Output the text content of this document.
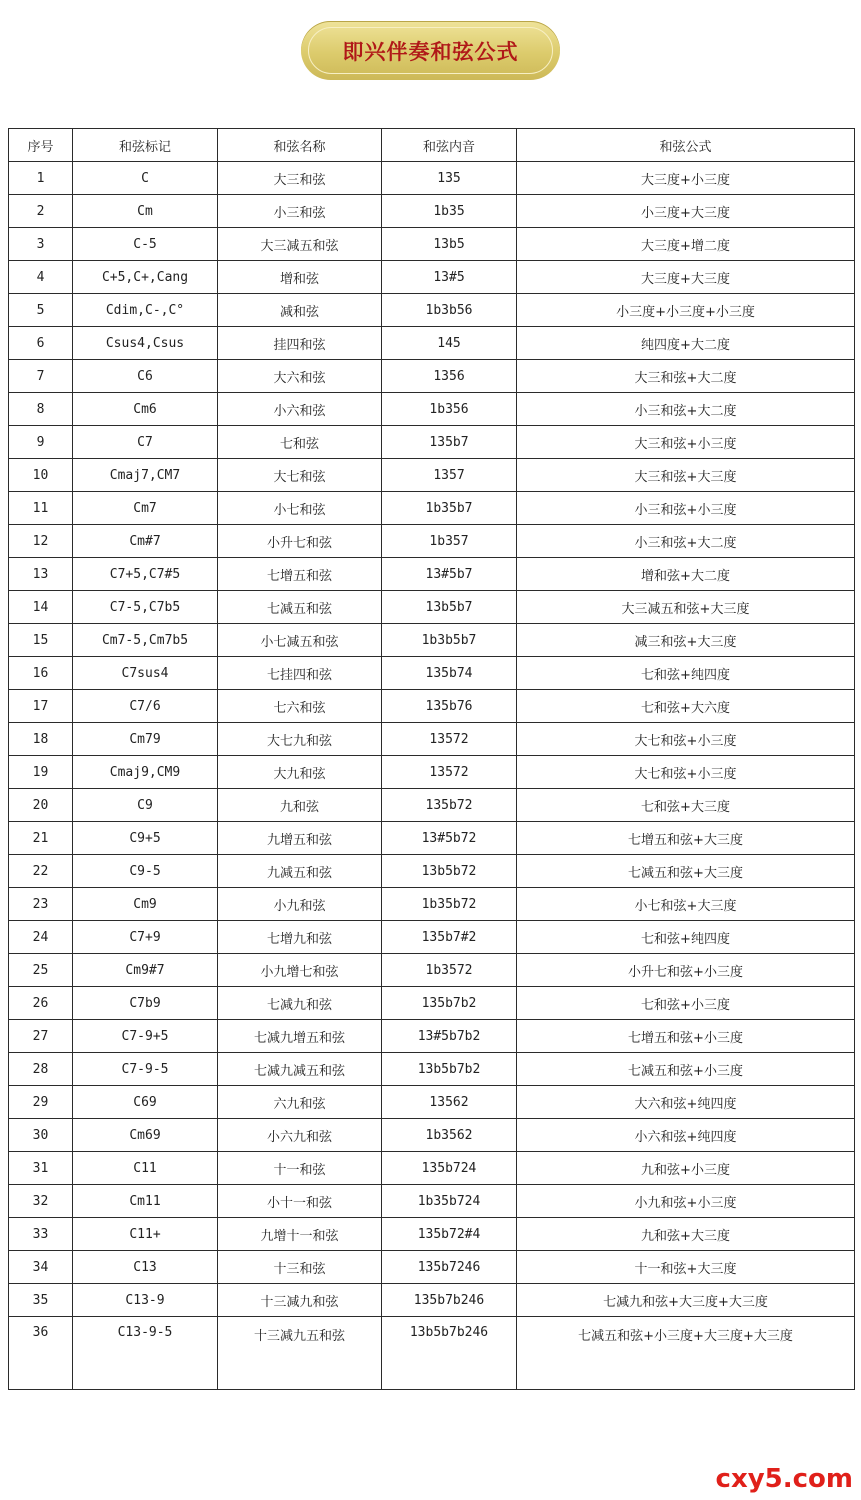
即兴伴奏和弦公式
序号	和弦标记	和弦名称	和弦内音	和弦公式
1	C	大三和弦	135	大三度+小三度
2	Cm	小三和弦	1b35	小三度+大三度
3	C-5	大三减五和弦	13b5	大三度+增二度
4	C+5,C+,Cang	增和弦	13#5	大三度+大三度
5	Cdim,C-,C°	减和弦	1b3b56	小三度+小三度+小三度
6	Csus4,Csus	挂四和弦	145	纯四度+大二度
7	C6	大六和弦	1356	大三和弦+大二度
8	Cm6	小六和弦	1b356	小三和弦+大二度
9	C7	七和弦	135b7	大三和弦+小三度
10	Cmaj7,CM7	大七和弦	1357	大三和弦+大三度
11	Cm7	小七和弦	1b35b7	小三和弦+小三度
12	Cm#7	小升七和弦	1b357	小三和弦+大二度
13	C7+5,C7#5	七增五和弦	13#5b7	增和弦+大二度
14	C7-5,C7b5	七减五和弦	13b5b7	大三减五和弦+大三度
15	Cm7-5,Cm7b5	小七减五和弦	1b3b5b7	减三和弦+大三度
16	C7sus4	七挂四和弦	135b74	七和弦+纯四度
17	C7/6	七六和弦	135b76	七和弦+大六度
18	Cm79	大七九和弦	13572	大七和弦+小三度
19	Cmaj9,CM9	大九和弦	13572	大七和弦+小三度
20	C9	九和弦	135b72	七和弦+大三度
21	C9+5	九增五和弦	13#5b72	七增五和弦+大三度
22	C9-5	九减五和弦	13b5b72	七减五和弦+大三度
23	Cm9	小九和弦	1b35b72	小七和弦+大三度
24	C7+9	七增九和弦	135b7#2	七和弦+纯四度
25	Cm9#7	小九增七和弦	1b3572	小升七和弦+小三度
26	C7b9	七减九和弦	135b7b2	七和弦+小三度
27	C7-9+5	七减九增五和弦	13#5b7b2	七增五和弦+小三度
28	C7-9-5	七减九减五和弦	13b5b7b2	七减五和弦+小三度
29	C69	六九和弦	13562	大六和弦+纯四度
30	Cm69	小六九和弦	1b3562	小六和弦+纯四度
31	C11	十一和弦	135b724	九和弦+小三度
32	Cm11	小十一和弦	1b35b724	小九和弦+小三度
33	C11+	九增十一和弦	135b72#4	九和弦+大三度
34	C13	十三和弦	135b7246	十一和弦+大三度
35	C13-9	十三减九和弦	135b7b246	七减九和弦+大三度+大三度
36	C13-9-5	十三减九五和弦	13b5b7b246	七减五和弦+小三度+大三度+大三度
cxy5.com
